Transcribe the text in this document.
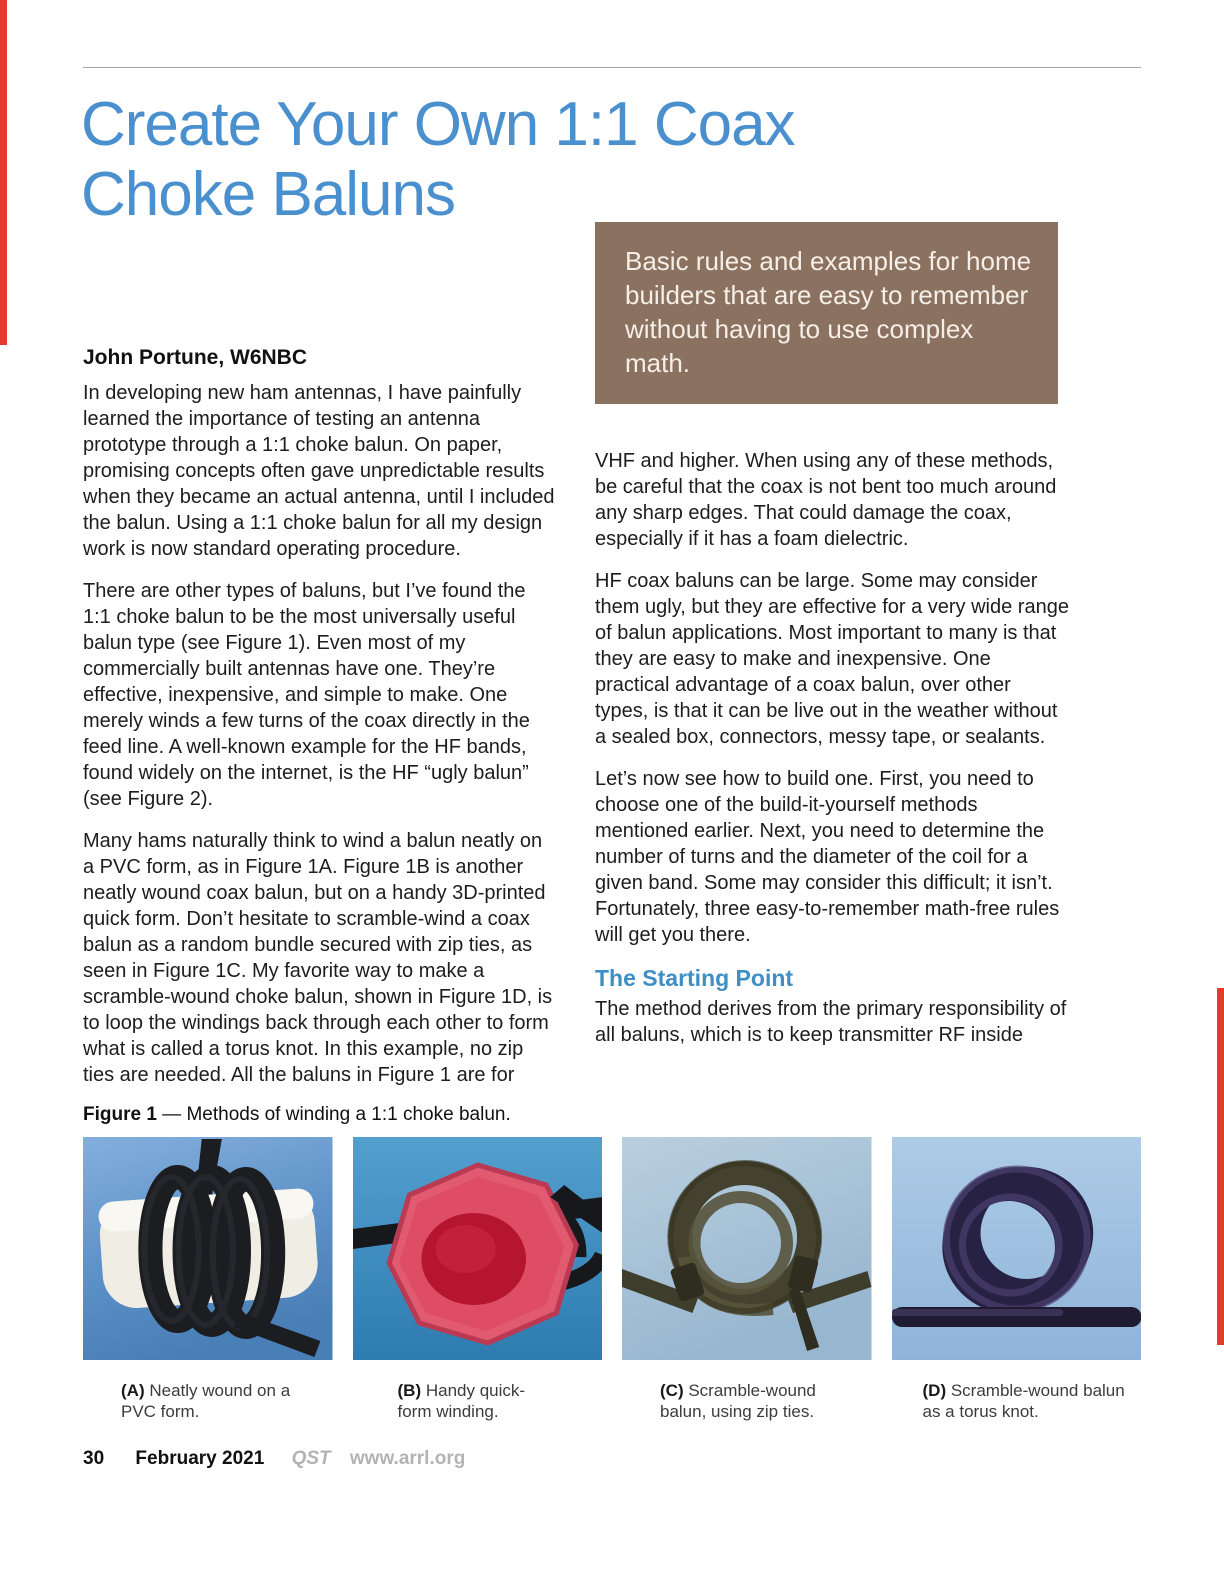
Create Your Own 1:1 Coax
Choke Baluns
Basic rules and examples for home builders that are easy to remember without having to use complex math.
John Portune, W6NBC

In developing new ham antennas, I have painfully learned the importance of testing an antenna prototype through a 1:1 choke balun. On paper, promising concepts often gave unpredictable results when they became an actual antenna, until I included the balun. Using a 1:1 choke balun for all my design work is now standard operating procedure.

There are other types of baluns, but I’ve found the 1:1 choke balun to be the most universally useful balun type (see Figure 1). Even most of my commercially built antennas have one. They’re effective, inexpensive, and simple to make. One merely winds a few turns of the coax directly in the feed line. A well-known example for the HF bands, found widely on the internet, is the HF “ugly balun” (see Figure 2).

Many hams naturally think to wind a balun neatly on a PVC form, as in Figure 1A. Figure 1B is another neatly wound coax balun, but on a handy 3D-printed quick form. Don’t hesitate to scramble-wind a coax balun as a random bundle secured with zip ties, as seen in Figure 1C. My favorite way to make a scramble-wound choke balun, shown in Figure 1D, is to loop the windings back through each other to form what is called a torus knot. In this example, no zip ties are needed. All the baluns in Figure 1 are for

VHF and higher. When using any of these methods, be careful that the coax is not bent too much around any sharp edges. That could damage the coax, especially if it has a foam dielectric.

HF coax baluns can be large. Some may consider them ugly, but they are effective for a very wide range of balun applications. Most important to many is that they are easy to make and inexpensive. One practical advantage of a coax balun, over other types, is that it can be live out in the weather without a sealed box, connectors, messy tape, or sealants.

Let’s now see how to build one. First, you need to choose one of the build-it-yourself methods mentioned earlier. Next, you need to determine the number of turns and the diameter of the coil for a given band. Some may consider this difficult; it isn’t. Fortunately, three easy-to-remember math-free rules will get you there.

The Starting Point

The method derives from the primary responsibility of all baluns, which is to keep transmitter RF inside

Figure 1 — Methods of winding a 1:1 choke balun.
(A) Neatly wound on a PVC form.
(B) Handy quick-form winding.
(C) Scramble-wound balun, using zip ties.
(D) Scramble-wound balun as a torus knot.
30 February 2021 QST www.arrl.org
